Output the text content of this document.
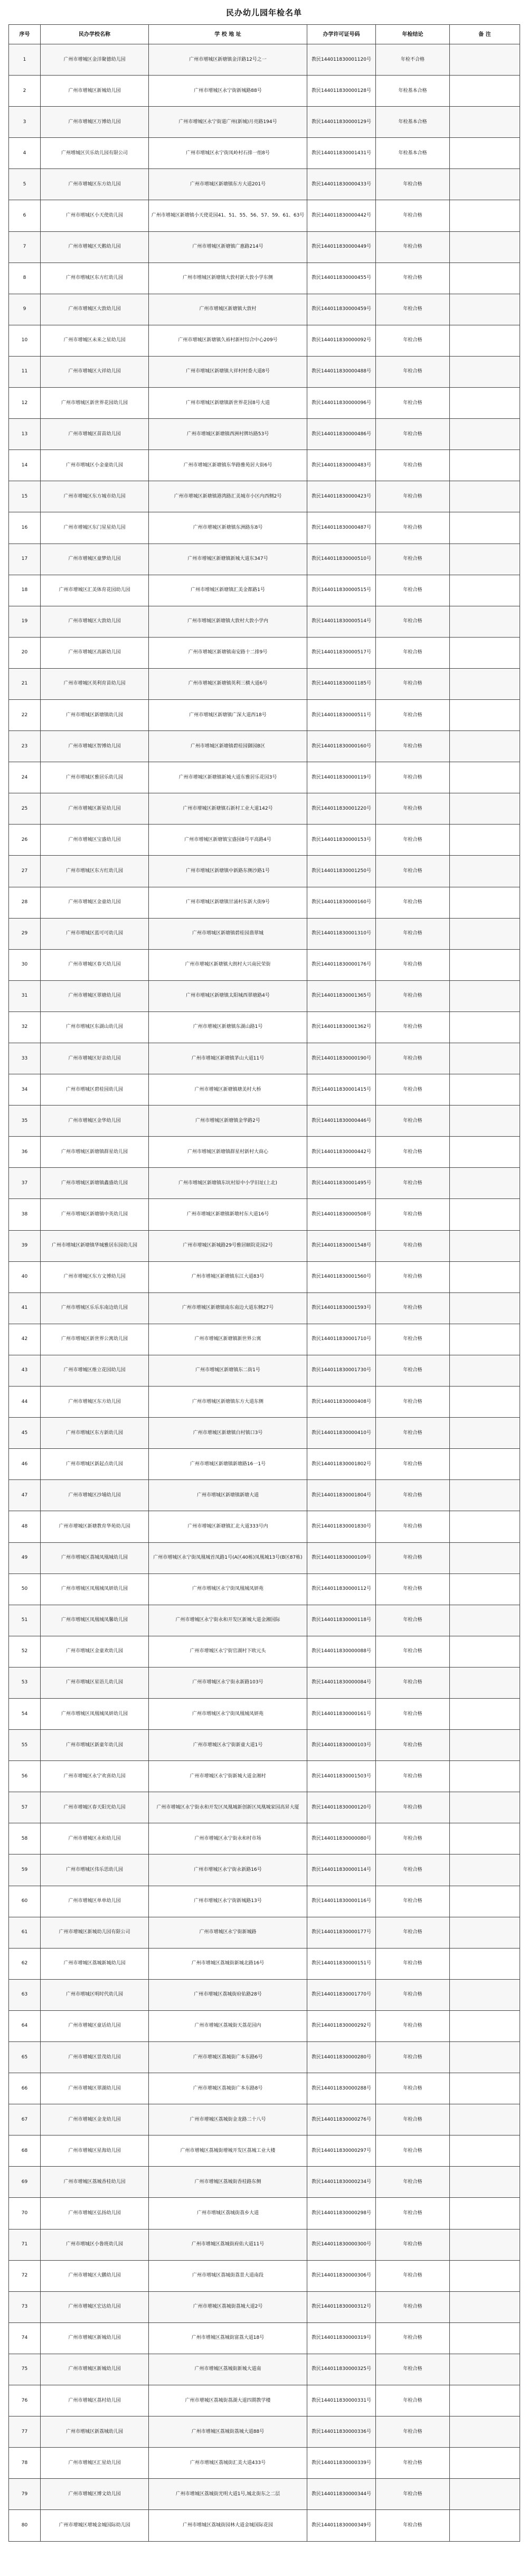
民办幼儿园年检名单
序号	民办学校名称	学 校 地 址	办学许可证号码	年检结论	备 注
1	广州市增城区金洋聚德幼儿园	广州市增城区新塘镇金洋路12号之一	教民144011830001120号	年检不合格	
2	广州市增城区新城幼儿园	广州市增城区永宁街新城路88号	教民144011830000128号	年检基本合格	
3	广州市增城区万博幼儿园	广州市增城区永宁街道广州(新城)月亮路194号	教民144011830000129号	年检基本合格	
4	广州增城区贝乐幼儿园有限公司	广州市增城区永宁街凤岭村石排一组8号	教民144011830001431号	年检基本合格	
5	广州市增城区东方幼儿园	广州市增城区新塘镇东方大道201号	教民144011830000433号	年检合格	
6	广州市增城区小天使幼儿园	广州市增城区新塘镇小天使花园41、51、55、56、57、59、61、63号	教民144011830000442号	年检合格	
7	广州市增城区天鹅幼儿园	广州市增城区新塘镇广惠路214号	教民144011830000449号	年检合格	
8	广州市增城区东方红幼儿园	广州市增城区新塘镇大敦村新大敦小学东侧	教民144011830000455号	年检合格	
9	广州市增城区大敦幼儿园	广州市增城区新塘镇大敦村	教民144011830000459号	年检合格	
10	广州市增城区未来之星幼儿园	广州市增城区新塘镇久裕村新村综合中心209号	教民144011830000092号	年检合格	
11	广州市增城区大祥幼儿园	广州市增城区新塘镇大祥村村委大道8号	教民144011830000488号	年检合格	
12	广州市增城区新世界花园幼儿园	广州市增城区新塘镇新世界花园8号大道	教民144011830000096号	年检合格	
13	广州市增城区苗苗幼儿园	广州市增城区新塘镇西洲村牌坊路53号	教民144011830000486号	年检合格	
14	广州市增城区小金童幼儿园	广州市增城区新塘镇东华路雅苑居大街6号	教民144011830000483号	年检合格	
15	广州市增城区东方城市幼儿园	广州市增城区新塘镇港湾路汇美城市小区内西侧2号	教民144011830000423号	年检合格	
16	广州市增城区东门星星幼儿园	广州市增城区新塘镇东洲路东8号	教民144011830000487号	年检合格	
17	广州市增城区童梦幼儿园	广州市增城区新塘镇新城大道东347号	教民144011830000510号	年检合格	
18	广州市增城区汇美体育花园幼儿园	广州市增城区新塘镇汇美金都路1号	教民144011830000515号	年检合格	
19	广州市增城区大敦幼儿园	广州市增城区新塘镇大敦村大敦小学内	教民144011830000514号	年检合格	
20	广州市增城区高新幼儿园	广州市增城区新塘镇南安路十二排9号	教民144011830000517号	年检合格	
21	广州市增城区英利育苗幼儿园	广州市增城区新塘镇英利三横大道6号	教民144011830001185号	年检合格	
22	广州市增城区新塘镇幼儿园	广州市增城区新塘镇广深大道西18号	教民144011830000511号	年检合格	
23	广州市增城区智博幼儿园	广州市增城区新塘镇碧桂园御园B区	教民144011830000160号	年检合格	
24	广州市增城区雅居乐幼儿园	广州市增城区新塘镇新城大道东雅居乐花园3号	教民144011830000119号	年检合格	
25	广州市增城区新星幼儿园	广州市增城区新塘镇石新村工业大道142号	教民144011830001220号	年检合格	
26	广州市增城区宝盛幼儿园	广州市增城区新塘镇宝盛园8号平高路4号	教民144011830000153号	年检合格	
27	广州市增城区东方红幼儿园	广州市增城区新塘镇中新路东侧沙路1号	教民144011830001250号	年检合格	
28	广州市增城区金童幼儿园	广州市增城区新塘镇甘涌村东新大街9号	教民144011830000160号	年检合格	
29	广州市增城区蓝可可幼儿园	广州市增城区新塘镇碧桂园翡翠城	教民144011830001310号	年检合格	
30	广州市增城区春天幼儿园	广州市增城区新塘镇大朗村大兴南民荣街	教民144011830000176号	年检合格	
31	广州市增城区翠塘幼儿园	广州市增城区新塘镇太阳城西翠塘路4号	教民144011830001365号	年检合格	
32	广州市增城区东湖山幼儿园	广州市增城区新塘镇东湖山路1号	教民144011830001362号	年检合格	
33	广州市增城区好亲幼儿园	广州市增城区新塘镇茅山大道11号	教民144011830000190号	年检合格	
34	广州市增城区碧桂园幼儿园	广州市增城区新塘镇塘美村大桥	教民144011830001415号	年检合格	
35	广州市增城区金华幼儿园	广州市增城区新塘镇金华路2号	教民144011830000446号	年检合格	
36	广州市增城区新塘镇群星幼儿园	广州市增城区新塘镇群星村新村大商心	教民144011830000442号	年检合格	
37	广州市增城区新塘镇鑫盛幼儿园	广州市增城区新塘镇东坑村原中小学旧址(上北)	教民144011830001495号	年检合格	
38	广州市增城区新塘镇中英幼儿园	广州市增城区新塘镇新墩村东大道16号	教民144011830000508号	年检合格	
39	广州市增城区新塘镇华城雅居东园幼儿园	广州市增城区新城路29号雅居颐院花园2号	教民144011830001548号	年检合格	
40	广州市增城区东方文博幼儿园	广州市增城区新塘镇东江大道83号	教民144011830001560号	年检合格	
41	广州市增城区乐乐东南边幼儿园	广州市增城区新塘镇南东南边大道东侧27号	教民144011830001593号	年检合格	
42	广州市增城区新世界公寓幼儿园	广州市增城区新塘镇新世界公寓	教民144011830001710号	年检合格	
43	广州市增城区维立花园幼儿园	广州市增城区新塘镇东二街1号	教民144011830001730号	年检合格	
44	广州市增城区东方幼儿园	广州市增城区新塘镇东方大道东侧	教民144011830000408号	年检合格	
45	广州市增城区东方新幼儿园	广州市增城区新塘镇白村镇口3号	教民144011830000410号	年检合格	
46	广州市增城区新起点幼儿园	广州市增城区新塘镇新塘路16一1号	教民144011830001802号	年检合格	
47	广州市增城区沙埔幼儿园	广州市增城区新塘镇新塘大道	教民144011830001804号	年检合格	
48	广州市增城区新塘教育华苑幼儿园	广州市增城区新塘镇汇北大道333号内	教民144011830001830号	年检合格	
49	广州市增城区荔城凤凰城幼儿园	广州市增城区永宁街凤凰城首凤路1号(A区40栋)凤凰城13号(B区87栋)	教民144011830000109号	年检合格	
50	广州市增城区凤凰城凤妍幼儿园	广州市增城区永宁街凤凰城凤妍苑	教民144011830000112号	年检合格	
51	广州市增城区凤凰城凤馨幼儿园	广州市增城区永宁街永和开发区新城大道金湘国际	教民144011830000118号	年检合格	
52	广州市增城区金童欢幼儿园	广州市增城区永宁街官湖村下欧元头	教民144011830000088号	年检合格	
53	广州市增城区星语儿幼儿园	广州市增城区永宁街永新路103号	教民144011830000084号	年检合格	
54	广州市增城区凤凰城凤妍幼儿园	广州市增城区永宁街凤凰城凤妍苑	教民144011830000161号	年检合格	
55	广州市增城区新童年幼儿园	广州市增城区永宁街新童大道1号	教民144011830000103号	年检合格	
56	广州市增城区永宁欢喜幼儿园	广州市增城区永宁街新城大道金湘村	教民144011830001503号	年检合格	
57	广州市增城区春天阳光幼儿园	广州市增城区永宁街永和开发区凤凰城新创新区凤凰城家园高昇大厦	教民144011830000120号	年检合格	
58	广州市增城区永和幼儿园	广州市增城区永宁街永和村市场	教民144011830000080号	年检合格	
59	广州市增城区伟乐思幼儿园	广州市增城区永宁街永新路16号	教民144011830000114号	年检合格	
60	广州市增城区单单幼儿园	广州市增城区永宁街新城路13号	教民144011830000116号	年检合格	
61	广州市增城区新城幼儿园有限公司	广州市增城区永宁街新城路	教民144011830000177号	年检合格	
62	广州市增城区荔城新城幼儿园	广州市增城区荔城街新城北路16号	教民144011830000151号	年检合格	
63	广州市增城区明时代幼儿园	广州市增城区荔城街府佑路28号	教民144011830001770号	年检合格	
64	广州市增城区童话幼儿园	广州市增城区荔城街天荔花园内	教民144011830000292号	年检合格	
65	广州市增城区景茂幼儿园	广州市增城区荔城街广本东路6号	教民144011830000280号	年检合格	
66	广州市增城区翠湖幼儿园	广州市增城区荔城街广本东路8号	教民144011830000288号	年检合格	
67	广州市增城区金龙幼儿园	广州市增城区荔城街金龙路二十八号	教民144011830000276号	年检合格	
68	广州市增城区星海幼儿园	广州市增城区荔城街增城开发区荔城工业大楼	教民144011830000297号	年检合格	
69	广州市增城区荔城香桂幼儿园	广州市增城区荔城街香桂路东侧	教民144011830000234号	年检合格	
70	广州市增城区弘扬幼儿园	广州市增城区荔城街荔乡大道	教民144011830000298号	年检合格	
71	广州市增城区小鲁班幼儿园	广州市增城区荔城街府佑大道11号	教民144011830000300号	年检合格	
72	广州市增城区大鹏幼儿园	广州市增城区荔城街荔景大道南段	教民144011830000306号	年检合格	
73	广州市增城区宏达幼儿园	广州市增城区荔城街荔城大道2号	教民144011830000312号	年检合格	
74	广州市增城区新城幼儿园	广州市增城区荔城街富荔大道18号	教民144011830000319号	年检合格	
75	广州市增城区新城幼儿园	广州市增城区荔城街新城大道南	教民144011830000325号	年检合格	
76	广州市增城区荔村幼儿园	广州市增城区荔城街荔湖大道四期教学楼	教民144011830000331号	年检合格	
77	广州市增城区新荔城幼儿园	广州市增城区荔城街荔城大道88号	教民144011830000336号	年检合格	
78	广州市增城区汇星幼儿园	广州市增城区荔城街汇美大道433号	教民144011830000339号	年检合格	
79	广州市增城区博文幼儿园	广州市增城区荔城街光明大道1号,城北街东之二层	教民144011830000344号	年检合格	
80	广州市增城区增城金城国际幼儿园	广州市增城区荔城街园林大道金城国际花园	教民144011830000349号	年检合格	
